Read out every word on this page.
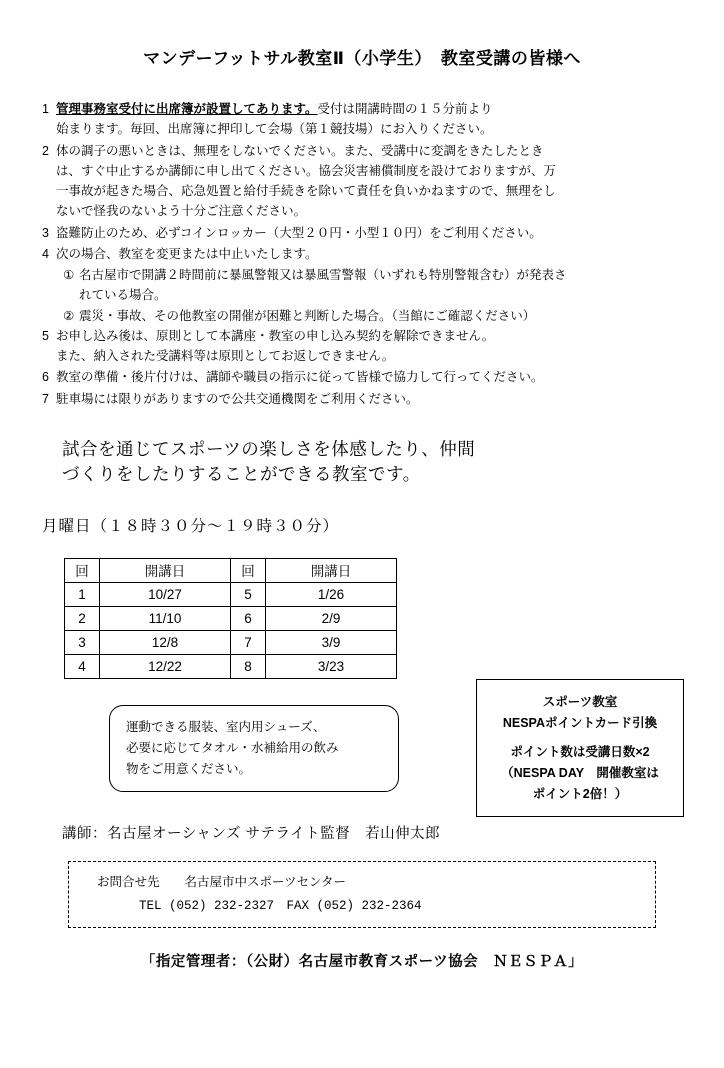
マンデーフットサル教室Ⅱ（小学生）　教室受講の皆様へ
1 管理事務室受付に出席簿が設置してあります。受付は開講時間の１５分前より
始まります。毎回、出席簿に押印して会場（第１競技場）にお入りください。
2 体の調子の悪いときは、無理をしないでください。また、受講中に変調をきたしたとき
は、すぐ中止するか講師に申し出てください。協会災害補償制度を設けておりますが、万
一事故が起きた場合、応急処置と給付手続きを除いて責任を負いかねますので、無理をし
ないで怪我のないよう十分ご注意ください。
3 盗難防止のため、必ずコインロッカー（大型２０円・小型１０円）をご利用ください。
4 次の場合、教室を変更または中止いたします。
① 名古屋市で開講２時間前に暴風警報又は暴風雪警報（いずれも特別警報含む）が発表さ
れている場合。
② 震災・事故、その他教室の開催が困難と判断した場合。（当館にご確認ください）
5 お申し込み後は、原則として本講座・教室の申し込み契約を解除できません。
また、納入された受講料等は原則としてお返しできません。
6 教室の準備・後片付けは、講師や職員の指示に従って皆様で協力して行ってください。
7 駐車場には限りがありますので公共交通機関をご利用ください。
試合を通じてスポーツの楽しさを体感したり、仲間
づくりをしたりすることができる教室です。
月曜日（１８時３０分～１９時３０分）
回	開講日	回	開講日
1	10/27	5	1/26
2	11/10	6	2/9
3	12/8	7	3/9
4	12/22	8	3/23
スポーツ教室
NESPAポイントカード引換
ポイント数は受講日数×2
（NESPA DAY　開催教室は
ポイント2倍！）
運動できる服装、室内用シューズ、
必要に応じてタオル・水補給用の飲み
物をご用意ください。
講師：名古屋オーシャンズ サテライト監督　若山伸太郎
お問合せ先　　名古屋市中スポーツセンター
TEL (052) 232-2327　FAX (052) 232-2364
「指定管理者：（公財）名古屋市教育スポーツ協会　ＮＥＳＰＡ」
